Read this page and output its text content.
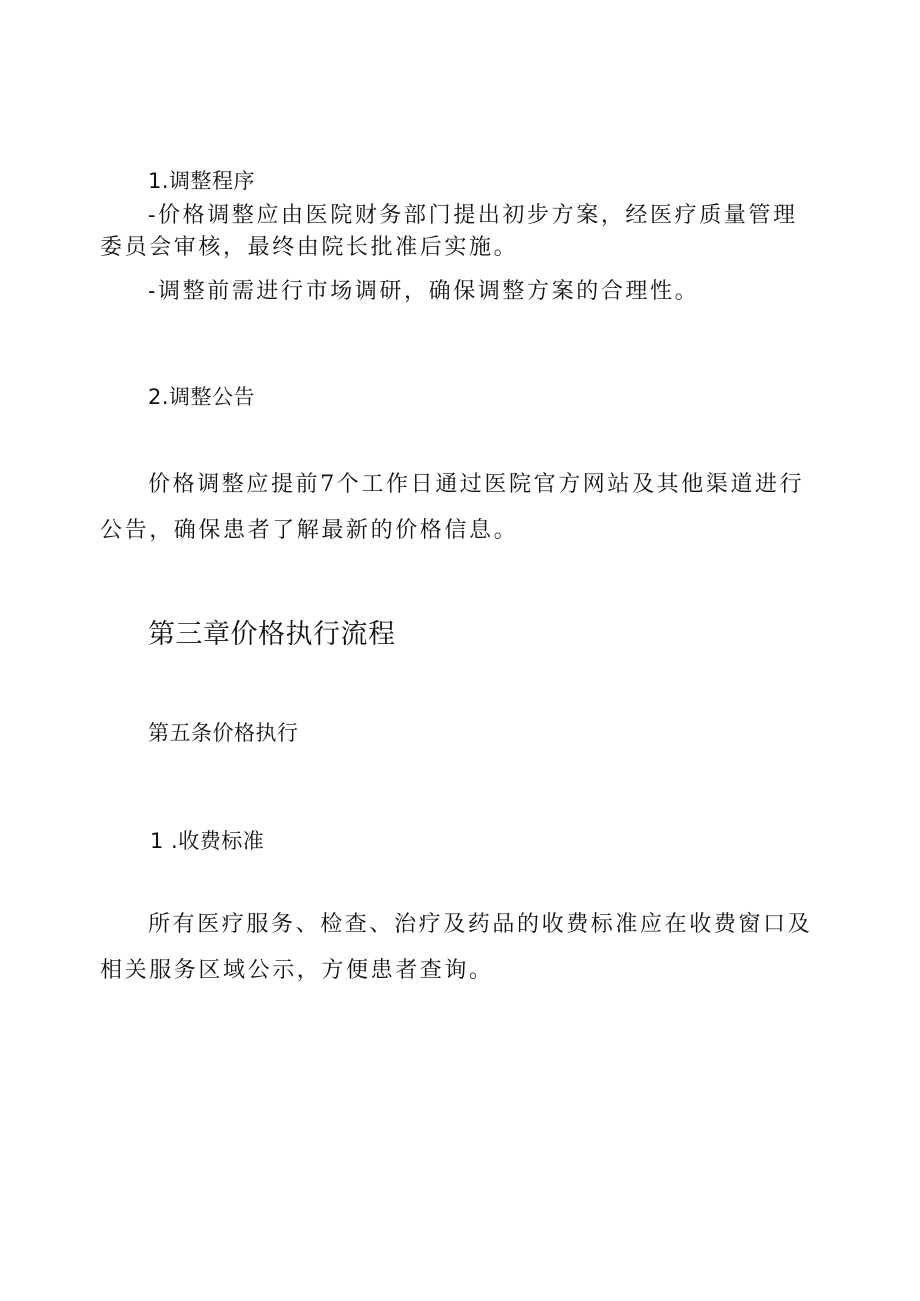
1.调整程序

-价格调整应由医院财务部门提出初步方案，经医疗质量管理委员会审核，最终由院长批准后实施。

-调整前需进行市场调研，确保调整方案的合理性。

2.调整公告

价格调整应提前7个工作日通过医院官方网站及其他渠道进行公告，确保患者了解最新的价格信息。

第三章价格执行流程
第五条价格执行
1 .收费标准

所有医疗服务、检查、治疗及药品的收费标准应在收费窗口及相关服务区域公示，方便患者查询。
